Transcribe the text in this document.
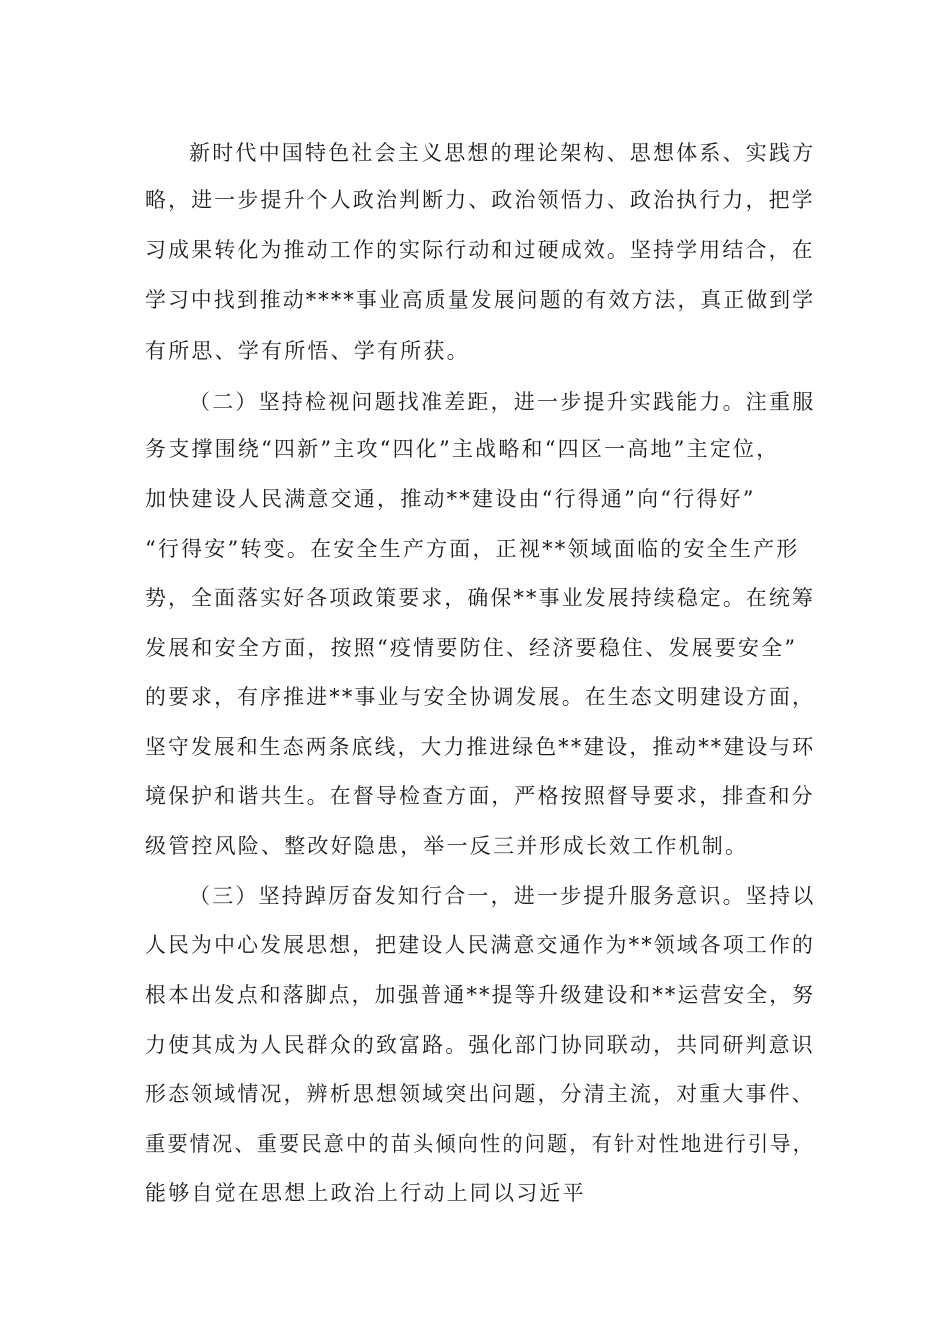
新时代中国特色社会主义思想的理论架构、思想体系、实践方
略，进一步提升个人政治判断力、政治领悟力、政治执行力，把学
习成果转化为推动工作的实际行动和过硬成效。坚持学用结合，在
学习中找到推动****事业高质量发展问题的有效方法，真正做到学
有所思、学有所悟、学有所获。
（二）坚持检视问题找准差距，进一步提升实践能力。注重服
务支撑围绕“四新”主攻“四化”主战略和“四区一高地”主定位，
加快建设人民满意交通，推动**建设由“行得通”向“行得好”
“行得安”转变。在安全生产方面，正视**领域面临的安全生产形
势，全面落实好各项政策要求，确保**事业发展持续稳定。在统筹
发展和安全方面，按照“疫情要防住、经济要稳住、发展要安全”
的要求，有序推进**事业与安全协调发展。在生态文明建设方面，
坚守发展和生态两条底线，大力推进绿色**建设，推动**建设与环
境保护和谐共生。在督导检查方面，严格按照督导要求，排查和分
级管控风险、整改好隐患，举一反三并形成长效工作机制。
（三）坚持踔厉奋发知行合一，进一步提升服务意识。坚持以
人民为中心发展思想，把建设人民满意交通作为**领域各项工作的
根本出发点和落脚点，加强普通**提等升级建设和**运营安全，努
力使其成为人民群众的致富路。强化部门协同联动，共同研判意识
形态领域情况，辨析思想领域突出问题，分清主流，对重大事件、
重要情况、重要民意中的苗头倾向性的问题，有针对性地进行引导，
能够自觉在思想上政治上行动上同以习近平
